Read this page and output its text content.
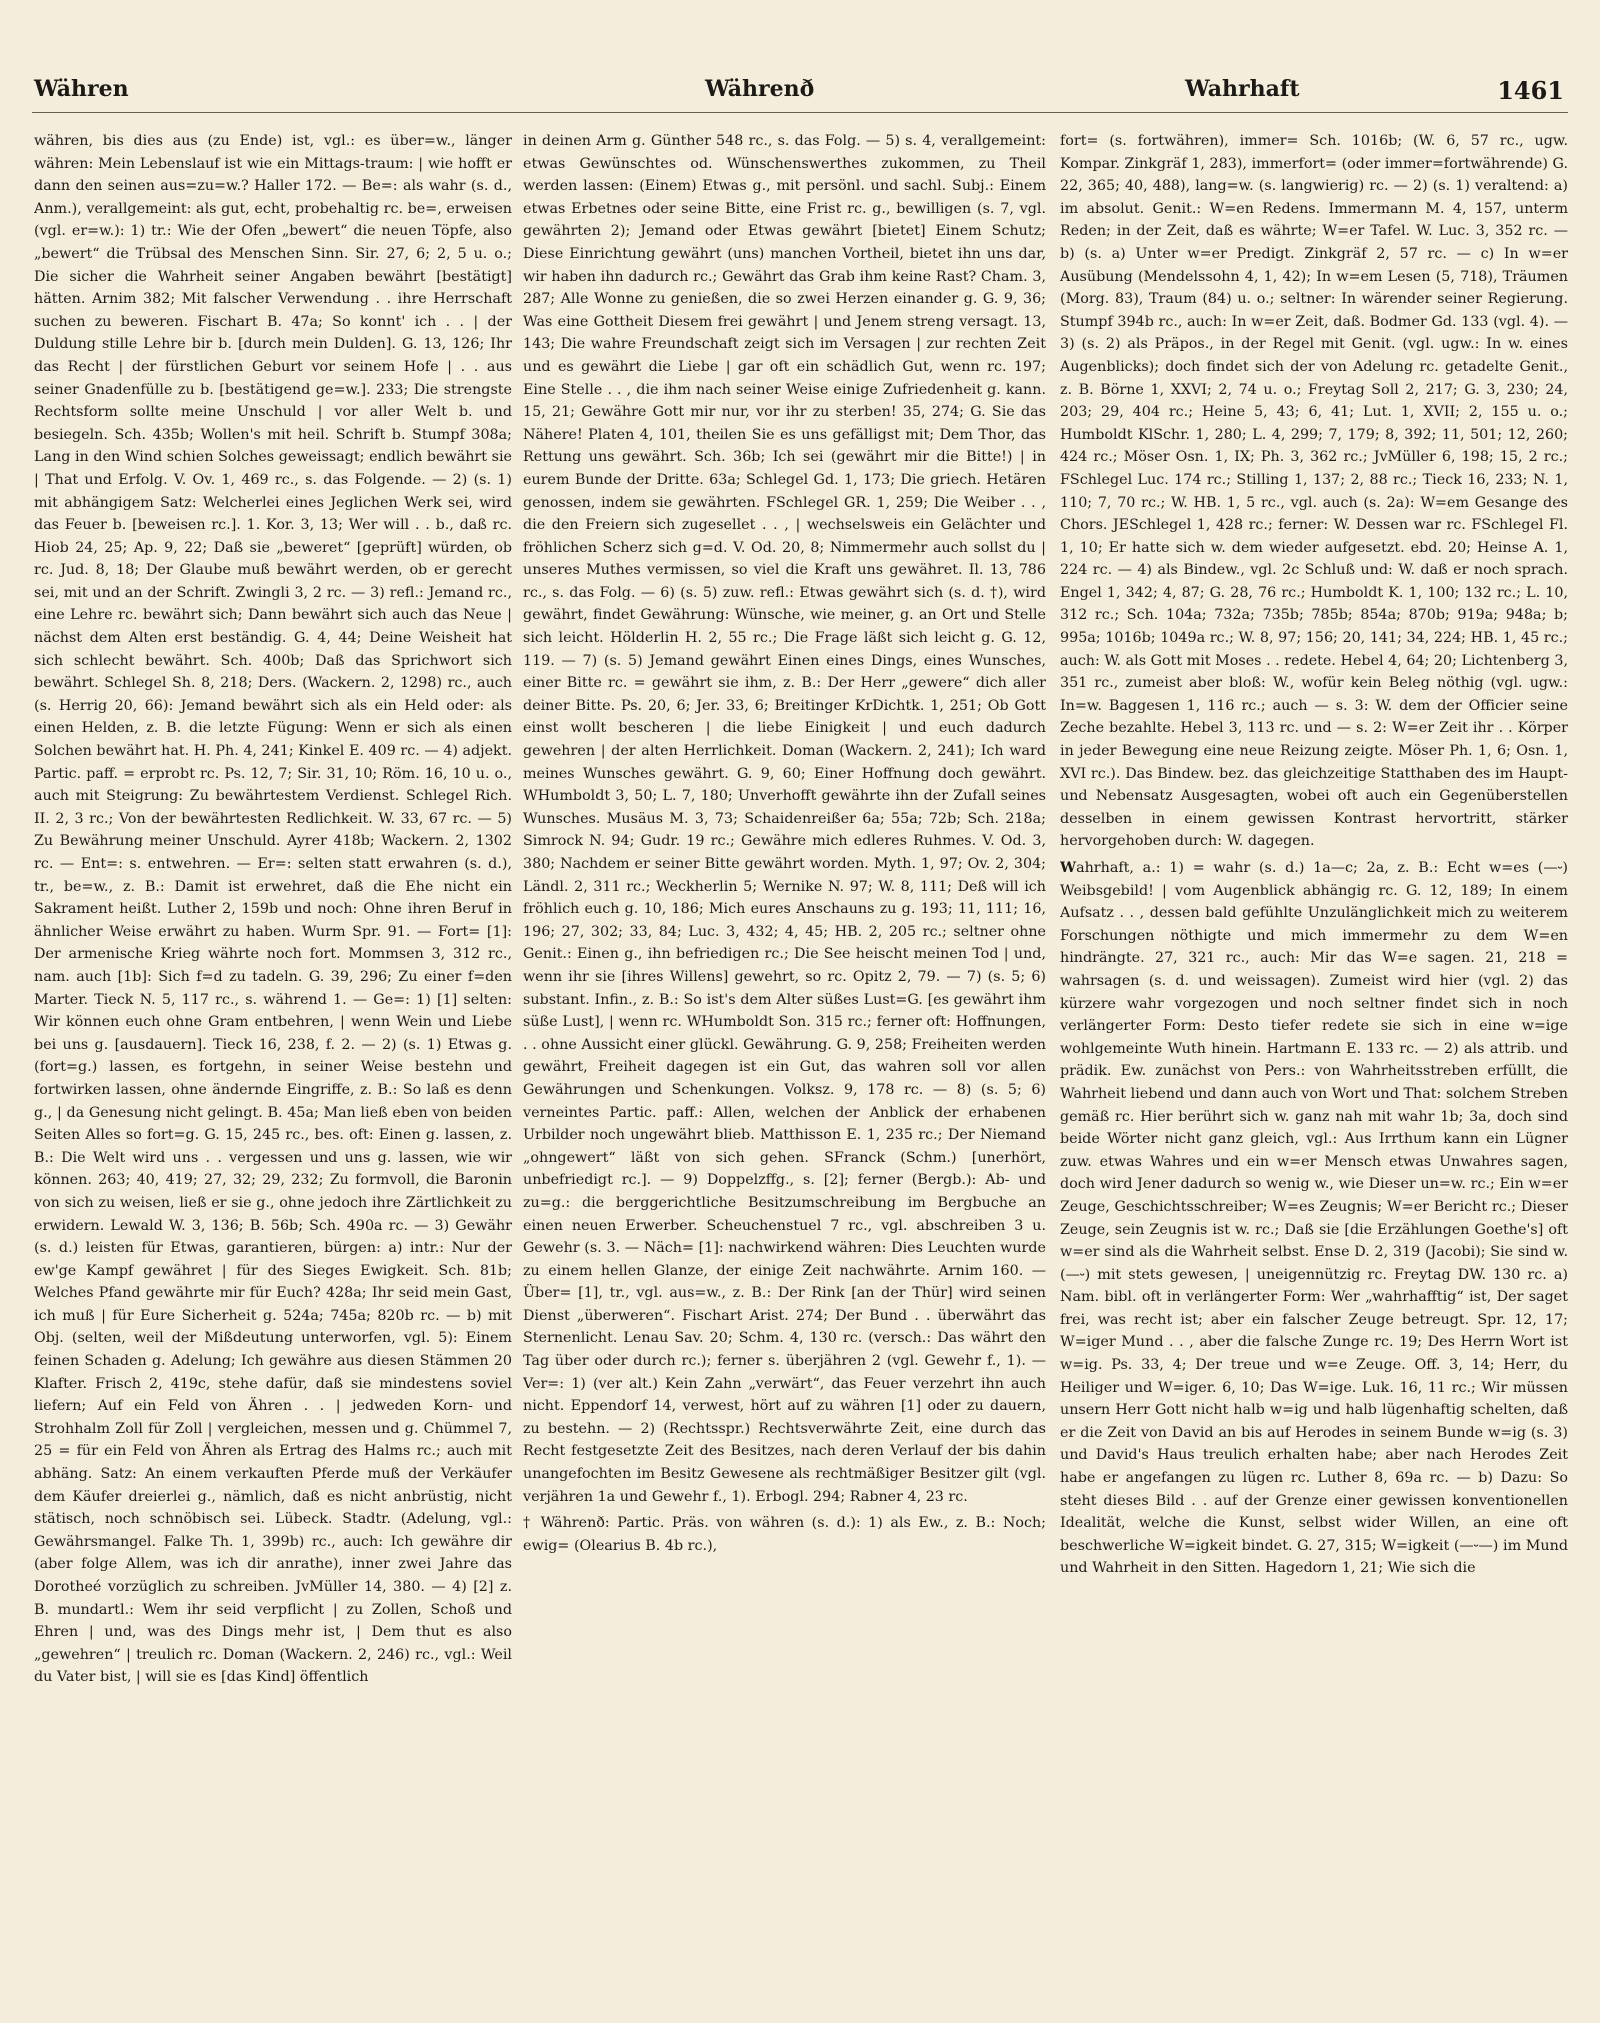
Währen	Währenð	Wahrhaft	1461

währen, bis dies aus (zu Ende) ist, vgl.: es über=w., länger währen: Mein Lebenslauf ist wie ein Mittags-traum: | wie hofft er dann den seinen aus=zu=w.? Haller 172. — Be=: als wahr (s. d., Anm.), verallgemeint: als gut, echt, probehaltig rc. be=, erweisen (vgl. er=w.): 1) tr.: Wie der Ofen „bewert“ die neuen Töpfe, also „bewert“ die Trübsal des Menschen Sinn. Sir. 27, 6; 2, 5 u. o.; Die sicher die Wahrheit seiner Angaben bewährt [bestätigt] hätten. Arnim 382; Mit falscher Verwendung . . ihre Herrschaft suchen zu beweren. Fischart B. 47a; So konnt' ich . . | der Duldung stille Lehre bir b. [durch mein Dulden]. G. 13, 126; Ihr das Recht | der fürstlichen Geburt vor seinem Hofe | . . aus seiner Gnadenfülle zu b. [bestätigend ge=w.]. 233; Die strengste Rechtsform sollte meine Unschuld | vor aller Welt b. und besiegeln. Sch. 435b; Wollen's mit heil. Schrift b. Stumpf 308a; Lang in den Wind schien Solches geweissagt; endlich bewährt sie | That und Erfolg. V. Ov. 1, 469 rc., s. das Folgende. — 2) (s. 1) mit abhängigem Satz: Welcherlei eines Jeglichen Werk sei, wird das Feuer b. [beweisen rc.]. 1. Kor. 3, 13; Wer will . . b., daß rc. Hiob 24, 25; Ap. 9, 22; Daß sie „beweret“ [geprüft] würden, ob rc. Jud. 8, 18; Der Glaube muß bewährt werden, ob er gerecht sei, mit und an der Schrift. Zwingli 3, 2 rc. — 3) refl.: Jemand rc., eine Lehre rc. bewährt sich; Dann bewährt sich auch das Neue | nächst dem Alten erst beständig. G. 4, 44; Deine Weisheit hat sich schlecht bewährt. Sch. 400b; Daß das Sprichwort sich bewährt. Schlegel Sh. 8, 218; Ders. (Wackern. 2, 1298) rc., auch (s. Herrig 20, 66): Jemand bewährt sich als ein Held oder: als einen Helden, z. B. die letzte Fügung: Wenn er sich als einen Solchen bewährt hat. H. Ph. 4, 241; Kinkel E. 409 rc. — 4) adjekt. Partic. paff. = erprobt rc. Ps. 12, 7; Sir. 31, 10; Röm. 16, 10 u. o., auch mit Steigrung: Zu bewährtestem Verdienst. Schlegel Rich. II. 2, 3 rc.; Von der bewährtesten Redlichkeit. W. 33, 67 rc. — 5) Zu Bewährung meiner Unschuld. Ayrer 418b; Wackern. 2, 1302 rc. — Ent=: s. entwehren. — Er=: selten statt erwahren (s. d.), tr., be=w., z. B.: Damit ist erwehret, daß die Ehe nicht ein Sakrament heißt. Luther 2, 159b und noch: Ohne ihren Beruf in ähnlicher Weise erwährt zu haben. Wurm Spr. 91. — Fort= [1]: Der armenische Krieg währte noch fort. Mommsen 3, 312 rc., nam. auch [1b]: Sich f=d zu tadeln. G. 39, 296; Zu einer f=den Marter. Tieck N. 5, 117 rc., s. während 1. — Ge=: 1) [1] selten: Wir können euch ohne Gram entbehren, | wenn Wein und Liebe bei uns g. [ausdauern]. Tieck 16, 238, f. 2. — 2) (s. 1) Etwas g. (fort=g.) lassen, es fortgehn, in seiner Weise bestehn und fortwirken lassen, ohne ändernde Eingriffe, z. B.: So laß es denn g., | da Genesung nicht gelingt. B. 45a; Man ließ eben von beiden Seiten Alles so fort=g. G. 15, 245 rc., bes. oft: Einen g. lassen, z. B.: Die Welt wird uns . . vergessen und uns g. lassen, wie wir können. 263; 40, 419; 27, 32; 29, 232; Zu formvoll, die Baronin von sich zu weisen, ließ er sie g., ohne jedoch ihre Zärtlichkeit zu erwidern. Lewald W. 3, 136; B. 56b; Sch. 490a rc. — 3) Gewähr (s. d.) leisten für Etwas, garantieren, bürgen: a) intr.: Nur der ew'ge Kampf gewähret | für des Sieges Ewigkeit. Sch. 81b; Welches Pfand gewährte mir für Euch? 428a; Ihr seid mein Gast, ich muß | für Eure Sicherheit g. 524a; 745a; 820b rc. — b) mit Obj. (selten, weil der Mißdeutung unterworfen, vgl. 5): Einem feinen Schaden g. Adelung; Ich gewähre aus diesen Stämmen 20 Klafter. Frisch 2, 419c, stehe dafür, daß sie mindestens soviel liefern; Auf ein Feld von Ähren . . | jedweden Korn- und Strohhalm Zoll für Zoll | vergleichen, messen und g. Chümmel 7, 25 = für ein Feld von Ähren als Ertrag des Halms rc.; auch mit abhäng. Satz: An einem verkauften Pferde muß der Verkäufer dem Käufer dreierlei g., nämlich, daß es nicht anbrüstig, nicht stätisch, noch schnöbisch sei. Lübeck. Stadtr. (Adelung, vgl.: Gewährsmangel. Falke Th. 1, 399b) rc., auch: Ich gewähre dir (aber folge Allem, was ich dir anrathe), inner zwei Jahre das Dorotheé vorzüglich zu schreiben. JvMüller 14, 380. — 4) [2] z. B. mundartl.: Wem ihr seid verpflicht | zu Zollen, Schoß und Ehren | und, was des Dings mehr ist, | Dem thut es also „gewehren“ | treulich rc. Doman (Wackern. 2, 246) rc., vgl.: Weil du Vater bist, | will sie es [das Kind] öffentlich

in deinen Arm g. Günther 548 rc., s. das Folg. — 5) s. 4, verallgemeint: etwas Gewünschtes od. Wünschenswerthes zukommen, zu Theil werden lassen: (Einem) Etwas g., mit persönl. und sachl. Subj.: Einem etwas Erbetnes oder seine Bitte, eine Frist rc. g., bewilligen (s. 7, vgl. gewährten 2); Jemand oder Etwas gewährt [bietet] Einem Schutz; Diese Einrichtung gewährt (uns) manchen Vortheil, bietet ihn uns dar, wir haben ihn dadurch rc.; Gewährt das Grab ihm keine Rast? Cham. 3, 287; Alle Wonne zu genießen, die so zwei Herzen einander g. G. 9, 36; Was eine Gottheit Diesem frei gewährt | und Jenem streng versagt. 13, 143; Die wahre Freundschaft zeigt sich im Versagen | zur rechten Zeit und es gewährt die Liebe | gar oft ein schädlich Gut, wenn rc. 197; Eine Stelle . . , die ihm nach seiner Weise einige Zufriedenheit g. kann. 15, 21; Gewähre Gott mir nur, vor ihr zu sterben! 35, 274; G. Sie das Nähere! Platen 4, 101, theilen Sie es uns gefälligst mit; Dem Thor, das Rettung uns gewährt. Sch. 36b; Ich sei (gewährt mir die Bitte!) | in eurem Bunde der Dritte. 63a; Schlegel Gd. 1, 173; Die griech. Hetären genossen, indem sie gewährten. FSchlegel GR. 1, 259; Die Weiber . . , die den Freiern sich zugesellet . . , | wechselsweis ein Gelächter und fröhlichen Scherz sich g=d. V. Od. 20, 8; Nimmermehr auch sollst du | unseres Muthes vermissen, so viel die Kraft uns gewähret. Il. 13, 786 rc., s. das Folg. — 6) (s. 5) zuw. refl.: Etwas gewährt sich (s. d. †), wird gewährt, findet Gewährung: Wünsche, wie meiner, g. an Ort und Stelle sich leicht. Hölderlin H. 2, 55 rc.; Die Frage läßt sich leicht g. G. 12, 119. — 7) (s. 5) Jemand gewährt Einen eines Dings, eines Wunsches, einer Bitte rc. = gewährt sie ihm, z. B.: Der Herr „gewere“ dich aller deiner Bitte. Ps. 20, 6; Jer. 33, 6; Breitinger KrDichtk. 1, 251; Ob Gott einst wollt bescheren | die liebe Einigkeit | und euch dadurch gewehren | der alten Herrlichkeit. Doman (Wackern. 2, 241); Ich ward meines Wunsches gewährt. G. 9, 60; Einer Hoffnung doch gewährt. WHumboldt 3, 50; L. 7, 180; Unverhofft gewährte ihn der Zufall seines Wunsches. Musäus M. 3, 73; Schaidenreißer 6a; 55a; 72b; Sch. 218a; Simrock N. 94; Gudr. 19 rc.; Gewähre mich edleres Ruhmes. V. Od. 3, 380; Nachdem er seiner Bitte gewährt worden. Myth. 1, 97; Ov. 2, 304; Ländl. 2, 311 rc.; Weckherlin 5; Wernike N. 97; W. 8, 111; Deß will ich fröhlich euch g. 10, 186; Mich eures Anschauns zu g. 193; 11, 111; 16, 196; 27, 302; 33, 84; Luc. 3, 432; 4, 45; HB. 2, 205 rc.; seltner ohne Genit.: Einen g., ihn befriedigen rc.; Die See heischt meinen Tod | und, wenn ihr sie [ihres Willens] gewehrt, so rc. Opitz 2, 79. — 7) (s. 5; 6) substant. Infin., z. B.: So ist's dem Alter süßes Lust=G. [es gewährt ihm süße Lust], | wenn rc. WHumboldt Son. 315 rc.; ferner oft: Hoffnungen, . . ohne Aussicht einer glückl. Gewährung. G. 9, 258; Freiheiten werden gewährt, Freiheit dagegen ist ein Gut, das wahren soll vor allen Gewährungen und Schenkungen. Volksz. 9, 178 rc. — 8) (s. 5; 6) verneintes Partic. paff.: Allen, welchen der Anblick der erhabenen Urbilder noch ungewährt blieb. Matthisson E. 1, 235 rc.; Der Niemand „ohngewert“ läßt von sich gehen. SFranck (Schm.) [unerhört, unbefriedigt rc.]. — 9) Doppelzffg., s. [2]; ferner (Bergb.): Ab- und zu=g.: die berggerichtliche Besitzumschreibung im Bergbuche an einen neuen Erwerber. Scheuchenstuel 7 rc., vgl. abschreiben 3 u. Gewehr (s. 3. — Näch= [1]: nachwirkend währen: Dies Leuchten wurde zu einem hellen Glanze, der einige Zeit nachwährte. Arnim 160. — Über= [1], tr., vgl. aus=w., z. B.: Der Rink [an der Thür] wird seinen Dienst „überweren“. Fischart Arist. 274; Der Bund . . überwährt das Sternenlicht. Lenau Sav. 20; Schm. 4, 130 rc. (versch.: Das währt den Tag über oder durch rc.); ferner s. überjähren 2 (vgl. Gewehr f., 1). — Ver=: 1) (ver alt.) Kein Zahn „verwärt“, das Feuer verzehrt ihn auch nicht. Eppendorf 14, verwest, hört auf zu währen [1] oder zu dauern, zu bestehn. — 2) (Rechtsspr.) Rechtsverwährte Zeit, eine durch das Recht festgesetzte Zeit des Besitzes, nach deren Verlauf der bis dahin unangefochten im Besitz Gewesene als rechtmäßiger Besitzer gilt (vgl. verjähren 1a und Gewehr f., 1). Erbogl. 294; Rabner 4, 23 rc.

† Währenð: Partic. Präs. von währen (s. d.): 1) als Ew., z. B.: Noch; ewig= (Olearius B. 4b rc.),

fort= (s. fortwähren), immer= Sch. 1016b; (W. 6, 57 rc., ugw. Kompar. Zinkgräf 1, 283), immerfort= (oder immer=fortwährende) G. 22, 365; 40, 488), lang=w. (s. langwierig) rc. — 2) (s. 1) veraltend: a) im absolut. Genit.: W=en Redens. Immermann M. 4, 157, unterm Reden; in der Zeit, daß es währte; W=er Tafel. W. Luc. 3, 352 rc. — b) (s. a) Unter w=er Predigt. Zinkgräf 2, 57 rc. — c) In w=er Ausübung (Mendelssohn 4, 1, 42); In w=em Lesen (5, 718), Träumen (Morg. 83), Traum (84) u. o.; seltner: In wärender seiner Regierung. Stumpf 394b rc., auch: In w=er Zeit, daß. Bodmer Gd. 133 (vgl. 4). — 3) (s. 2) als Präpos., in der Regel mit Genit. (vgl. ugw.: In w. eines Augenblicks); doch findet sich der von Adelung rc. getadelte Genit., z. B. Börne 1, XXVI; 2, 74 u. o.; Freytag Soll 2, 217; G. 3, 230; 24, 203; 29, 404 rc.; Heine 5, 43; 6, 41; Lut. 1, XVII; 2, 155 u. o.; Humboldt KlSchr. 1, 280; L. 4, 299; 7, 179; 8, 392; 11, 501; 12, 260; 424 rc.; Möser Osn. 1, IX; Ph. 3, 362 rc.; JvMüller 6, 198; 15, 2 rc.; FSchlegel Luc. 174 rc.; Stilling 1, 137; 2, 88 rc.; Tieck 16, 233; N. 1, 110; 7, 70 rc.; W. HB. 1, 5 rc., vgl. auch (s. 2a): W=em Gesange des Chors. JESchlegel 1, 428 rc.; ferner: W. Dessen war rc. FSchlegel Fl. 1, 10; Er hatte sich w. dem wieder aufgesetzt. ebd. 20; Heinse A. 1, 224 rc. — 4) als Bindew., vgl. 2c Schluß und: W. daß er noch sprach. Engel 1, 342; 4, 87; G. 28, 76 rc.; Humboldt K. 1, 100; 132 rc.; L. 10, 312 rc.; Sch. 104a; 732a; 735b; 785b; 854a; 870b; 919a; 948a; b; 995a; 1016b; 1049a rc.; W. 8, 97; 156; 20, 141; 34, 224; HB. 1, 45 rc.; auch: W. als Gott mit Moses . . redete. Hebel 4, 64; 20; Lichtenberg 3, 351 rc., zumeist aber bloß: W., wofür kein Beleg nöthig (vgl. ugw.: In=w. Baggesen 1, 116 rc.; auch — s. 3: W. dem der Officier seine Zeche bezahlte. Hebel 3, 113 rc. und — s. 2: W=er Zeit ihr . . Körper in jeder Bewegung eine neue Reizung zeigte. Möser Ph. 1, 6; Osn. 1, XVI rc.). Das Bindew. bez. das gleichzeitige Statthaben des im Haupt- und Nebensatz Ausgesagten, wobei oft auch ein Gegenüberstellen desselben in einem gewissen Kontrast hervortritt, stärker hervorgehoben durch: W. dagegen.

Wahrhaft, a.: 1) = wahr (s. d.) 1a—c; 2a, z. B.: Echt w=es (—⏑) Weibsgebild! | vom Augenblick abhängig rc. G. 12, 189; In einem Aufsatz . . , dessen bald gefühlte Unzulänglichkeit mich zu weiterem Forschungen nöthigte und mich immermehr zu dem W=en hindrängte. 27, 321 rc., auch: Mir das W=e sagen. 21, 218 = wahrsagen (s. d. und weissagen). Zumeist wird hier (vgl. 2) das kürzere wahr vorgezogen und noch seltner findet sich in noch verlängerter Form: Desto tiefer redete sie sich in eine w=ige wohlgemeinte Wuth hinein. Hartmann E. 133 rc. — 2) als attrib. und prädik. Ew. zunächst von Pers.: von Wahrheitsstreben erfüllt, die Wahrheit liebend und dann auch von Wort und That: solchem Streben gemäß rc. Hier berührt sich w. ganz nah mit wahr 1b; 3a, doch sind beide Wörter nicht ganz gleich, vgl.: Aus Irrthum kann ein Lügner zuw. etwas Wahres und ein w=er Mensch etwas Unwahres sagen, doch wird Jener dadurch so wenig w., wie Dieser un=w. rc.; Ein w=er Zeuge, Geschichtsschreiber; W=es Zeugnis; W=er Bericht rc.; Dieser Zeuge, sein Zeugnis ist w. rc.; Daß sie [die Erzählungen Goethe's] oft w=er sind als die Wahrheit selbst. Ense D. 2, 319 (Jacobi); Sie sind w. (—⏑) mit stets gewesen, | uneigennützig rc. Freytag DW. 130 rc. a) Nam. bibl. oft in verlängerter Form: Wer „wahrhafftig“ ist, Der saget frei, was recht ist; aber ein falscher Zeuge betreugt. Spr. 12, 17; W=iger Mund . . , aber die falsche Zunge rc. 19; Des Herrn Wort ist w=ig. Ps. 33, 4; Der treue und w=e Zeuge. Off. 3, 14; Herr, du Heiliger und W=iger. 6, 10; Das W=ige. Luk. 16, 11 rc.; Wir müssen unsern Herr Gott nicht halb w=ig und halb lügenhaftig schelten, daß er die Zeit von David an bis auf Herodes in seinem Bunde w=ig (s. 3) und David's Haus treulich erhalten habe; aber nach Herodes Zeit habe er angefangen zu lügen rc. Luther 8, 69a rc. — b) Dazu: So steht dieses Bild . . auf der Grenze einer gewissen konventionellen Idealität, welche die Kunst, selbst wider Willen, an eine oft beschwerliche W=igkeit bindet. G. 27, 315; W=igkeit (—⏑—) im Mund und Wahrheit in den Sitten. Hagedorn 1, 21; Wie sich die
